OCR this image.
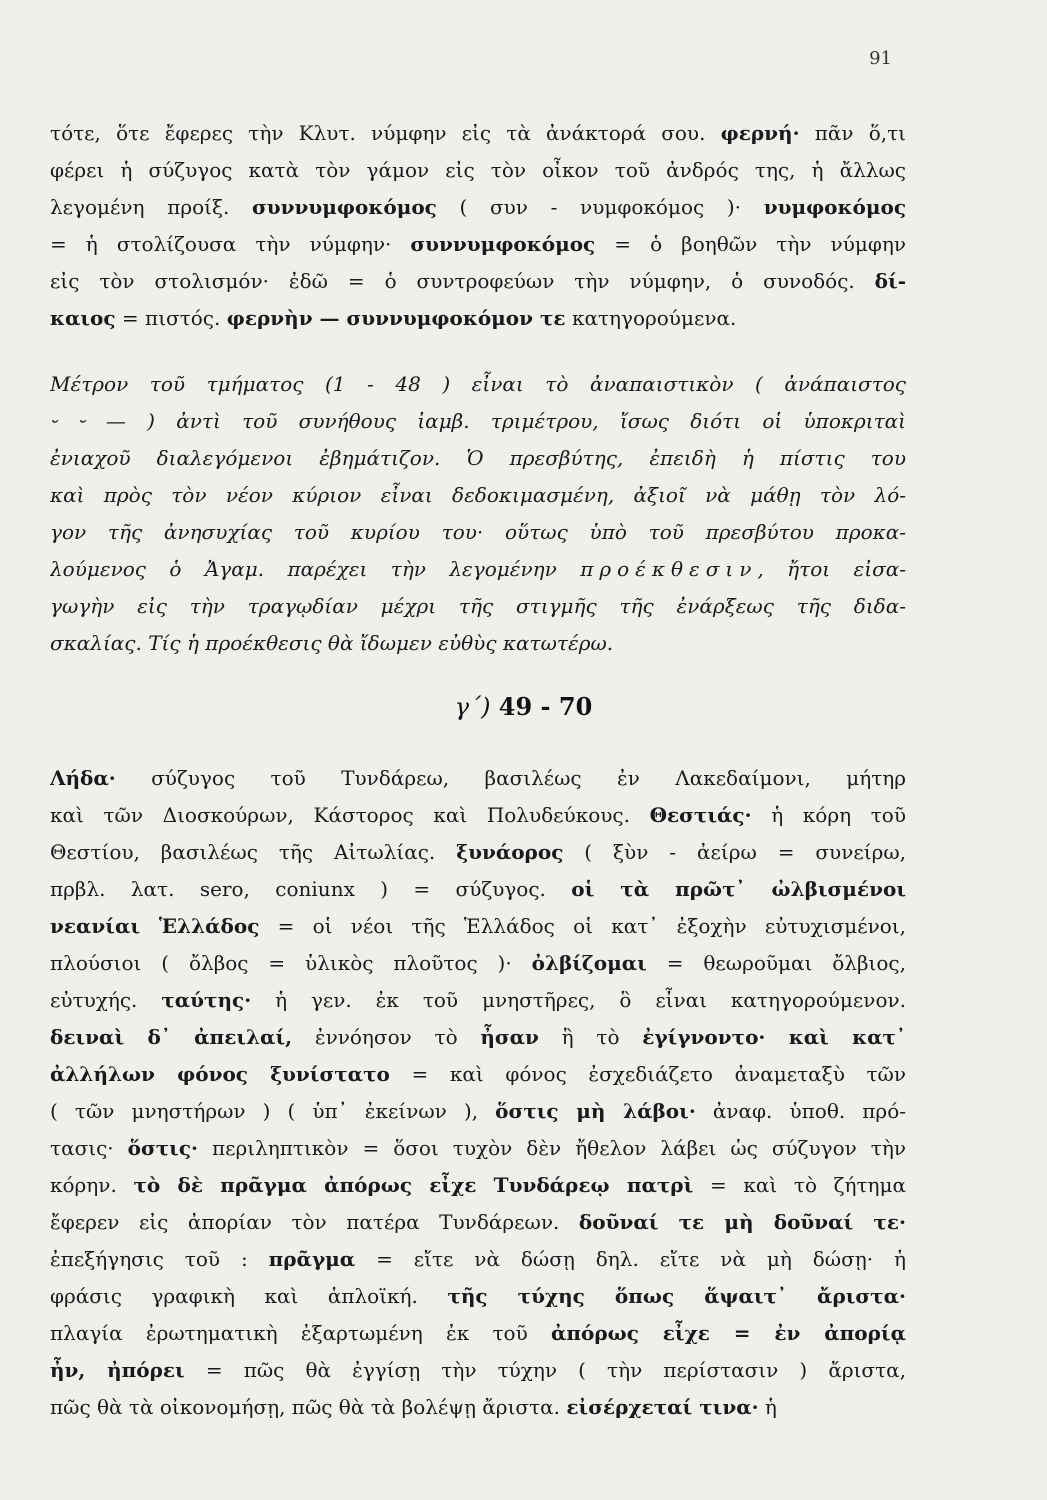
91
τότε, ὅτε ἔφερες τὴν Κλυτ. νύμφην εἰς τὰ ἀνάκτορά σου. φερνή· πᾶν ὅ,τι
φέρει ἡ σύζυγος κατὰ τὸν γάμον εἰς τὸν οἶκον τοῦ ἀνδρός της, ἡ ἄλλως
λεγομένη προίξ. συννυμφοκόμος ( συν - νυμφοκόμος )· νυμφοκόμος
= ἡ στολίζουσα τὴν νύμφην· συννυμφοκόμος = ὁ βοηθῶν τὴν νύμφην
εἰς τὸν στολισμόν· ἐδῶ = ὁ συντροφεύων τὴν νύμφην, ὁ συνοδός. δί-
καιος = πιστός. φερνὴν — συννυμφοκόμον τε κατηγορούμενα.
Μέτρον τοῦ τμήματος (1 - 48 ) εἶναι τὸ ἀναπαιστικὸν ( ἀνάπαιστος
⏑ ⏑ — ) ἀντὶ τοῦ συνήθους ἰαμβ. τριμέτρου, ἴσως διότι οἱ ὑποκριταὶ
ἐνιαχοῦ διαλεγόμενοι ἐβημάτιζον. Ὁ πρεσβύτης, ἐπειδὴ ἡ πίστις του
καὶ πρὸς τὸν νέον κύριον εἶναι δεδοκιμασμένη, ἀξιοῖ νὰ μάθῃ τὸν λό-
γον τῆς ἀνησυχίας τοῦ κυρίου του· οὕτως ὑπὸ τοῦ πρεσβύτου προκα-
λούμενος ὁ Ἀγαμ. παρέχει τὴν λεγομένην προέκθεσιν, ἤτοι εἰσα-
γωγὴν εἰς τὴν τραγῳδίαν μέχρι τῆς στιγμῆς τῆς ἐνάρξεως τῆς διδα-
σκαλίας. Τίς ἡ προέκθεσις θὰ ἴδωμεν εὐθὺς κατωτέρω.
γ΄) 49 - 70
Λήδα· σύζυγος τοῦ Τυνδάρεω, βασιλέως ἐν Λακεδαίμονι, μήτηρ
καὶ τῶν Διοσκούρων, Κάστορος καὶ Πολυδεύκους. Θεστιάς· ἡ κόρη τοῦ
Θεστίου, βασιλέως τῆς Αἰτωλίας. ξυνάορος ( ξὺν - ἀείρω = συνείρω,
πρβλ. λατ. sero, coniunx ) = σύζυγος. οἱ τὰ πρῶτ᾽ ὠλβισμένοι
νεανίαι Ἑλλάδος = οἱ νέοι τῆς Ἑλλάδος οἱ κατ᾽ ἐξοχὴν εὐτυχισμένοι,
πλούσιοι ( ὄλβος = ὑλικὸς πλοῦτος )· ὀλβίζομαι = θεωροῦμαι ὄλβιος,
εὐτυχής. ταύτης· ἡ γεν. ἐκ τοῦ μνηστῆρες, ὃ εἶναι κατηγορούμενον.
δειναὶ δ᾽ ἀπειλαί, ἐννόησον τὸ ἦσαν ἢ τὸ ἐγίγνοντο· καὶ κατ᾽
ἀλλήλων φόνος ξυνίστατο = καὶ φόνος ἐσχεδιάζετο ἀναμεταξὺ τῶν
( τῶν μνηστήρων ) ( ὑπ᾽ ἐκείνων ), ὅστις μὴ λάβοι· ἀναφ. ὑποθ. πρό-
τασις· ὅστις· περιληπτικὸν = ὅσοι τυχὸν δὲν ἤθελον λάβει ὡς σύζυγον τὴν
κόρην. τὸ δὲ πρᾶγμα ἀπόρως εἶχε Τυνδάρεῳ πατρὶ = καὶ τὸ ζήτημα
ἔφερεν εἰς ἀπορίαν τὸν πατέρα Τυνδάρεων. δοῦναί τε μὴ δοῦναί τε·
ἐπεξήγησις τοῦ : πρᾶγμα = εἴτε νὰ δώσῃ δηλ. εἴτε νὰ μὴ δώσῃ· ἡ
φράσις γραφικὴ καὶ ἁπλοϊκή. τῆς τύχης ὅπως ἅψαιτ᾽ ἄριστα·
πλαγία ἐρωτηματικὴ ἐξαρτωμένη ἐκ τοῦ ἀπόρως εἶχε = ἐν ἀπορίᾳ
ἦν, ἠπόρει = πῶς θὰ ἐγγίσῃ τὴν τύχην ( τὴν περίστασιν ) ἄριστα,
πῶς θὰ τὰ οἰκονομήσῃ, πῶς θὰ τὰ βολέψῃ ἄριστα. εἰσέρχεταί τινα· ἡ
